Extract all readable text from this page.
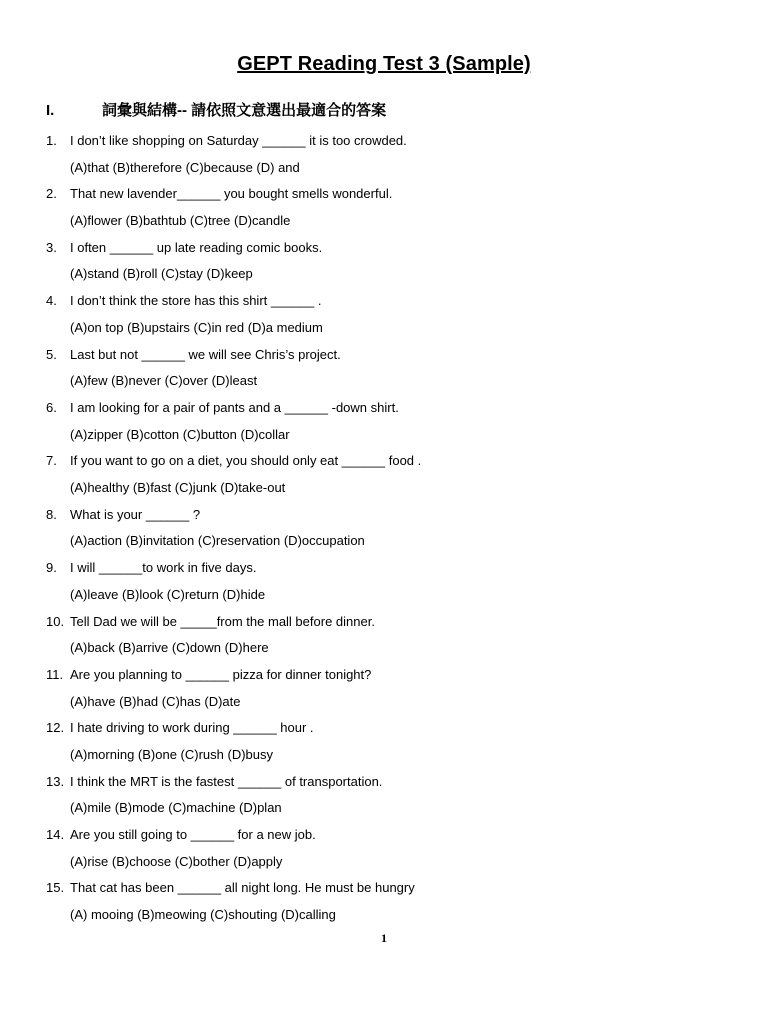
GEPT Reading Test 3 (Sample)
I.	詞彙與結構-- 請依照文意選出最適合的答案
1. I don’t like shopping on Saturday ______ it is too crowded.
(A)that (B)therefore (C)because (D) and
2. That new lavender______ you bought smells wonderful.
(A)flower (B)bathtub (C)tree (D)candle
3. I often ______ up late reading comic books.
(A)stand (B)roll (C)stay (D)keep
4. I don’t think the store has this shirt ______ .
(A)on top (B)upstairs (C)in red (D)a medium
5. Last but not ______ we will see Chris’s project.
(A)few (B)never (C)over (D)least
6. I am looking for a pair of pants and a ______ -down shirt.
(A)zipper (B)cotton (C)button (D)collar
7. If you want to go on a diet, you should only eat ______ food .
(A)healthy (B)fast (C)junk (D)take-out
8. What is your ______ ?
(A)action (B)invitation (C)reservation (D)occupation
9. I will ______to work in five days.
(A)leave (B)look (C)return (D)hide
10. Tell Dad we will be _____from the mall before dinner.
(A)back (B)arrive (C)down (D)here
11. Are you planning to ______ pizza for dinner tonight?
(A)have (B)had (C)has (D)ate
12. I hate driving to work during ______ hour .
(A)morning (B)one (C)rush (D)busy
13. I think the MRT is the fastest ______ of transportation.
(A)mile (B)mode (C)machine (D)plan
14. Are you still going to ______ for a new job.
(A)rise (B)choose (C)bother (D)apply
15. That cat has been ______ all night long. He must be hungry
(A) mooing (B)meowing (C)shouting (D)calling
1
